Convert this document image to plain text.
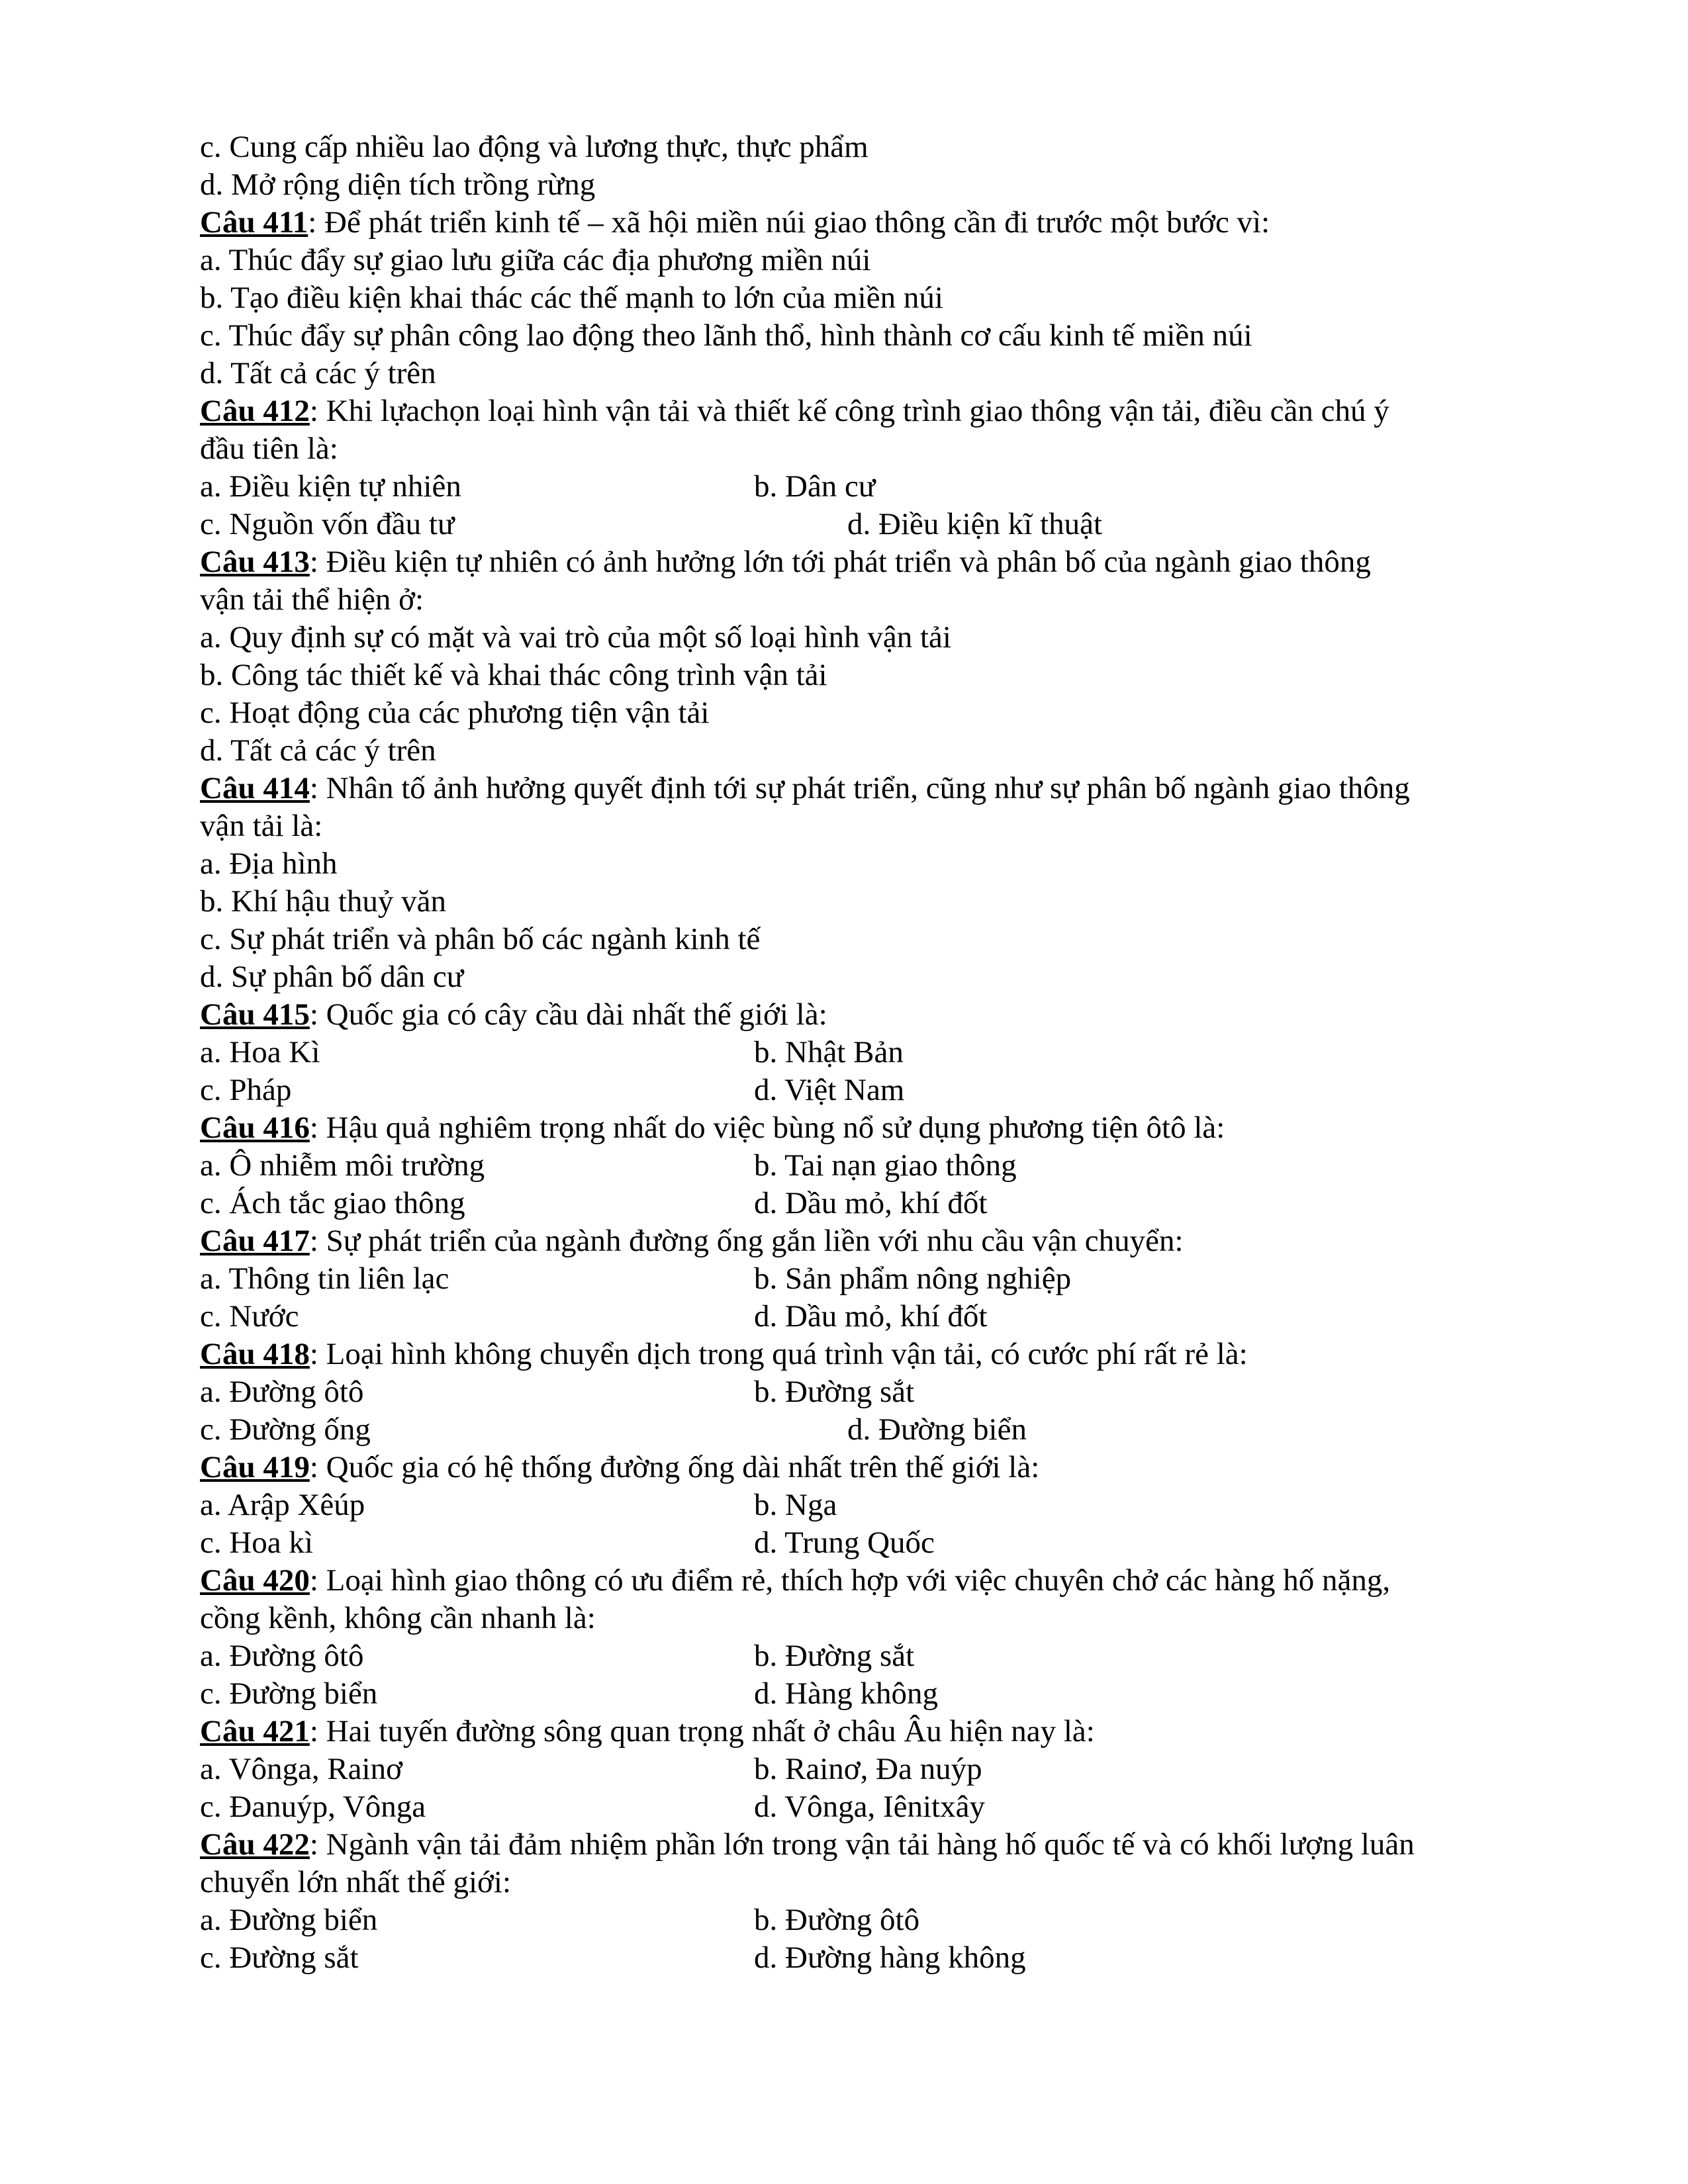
c. Cung cấp nhiều lao động và lương thực, thực phẩm
d. Mở rộng diện tích trồng rừng
Câu 411: Để phát triển kinh tế – xã hội miền núi giao thông cần đi trước một bước vì:
a. Thúc đẩy sự giao lưu giữa các địa phương miền núi
b. Tạo điều kiện khai thác các thế mạnh to lớn của miền núi
c. Thúc đẩy sự phân công lao động theo lãnh thổ, hình thành cơ cấu kinh tế miền núi
d. Tất cả các ý trên
Câu 412: Khi lựachọn loại hình vận tải và thiết kế công trình giao thông vận tải, điều cần chú ý
đầu tiên là:
a. Điều kiện tự nhiên	b. Dân cư
c. Nguồn vốn đầu tư	d. Điều kiện kĩ thuật
Câu 413: Điều kiện tự nhiên có ảnh hưởng lớn tới phát triển và phân bố của ngành giao thông
vận tải thể hiện ở:
a. Quy định sự có mặt và vai trò của một số loại hình vận tải
b. Công tác thiết kế và khai thác công trình vận tải
c. Hoạt động của các phương tiện vận tải
d. Tất cả các ý trên
Câu 414: Nhân tố ảnh hưởng quyết định tới sự phát triển, cũng như sự phân bố ngành giao thông
vận tải là:
a. Địa hình
b. Khí hậu thuỷ văn
c. Sự phát triển và phân bố các ngành kinh tế
d. Sự phân bố dân cư
Câu 415: Quốc gia có cây cầu dài nhất thế giới là:
a. Hoa Kì	b. Nhật Bản
c. Pháp	d. Việt Nam
Câu 416: Hậu quả nghiêm trọng nhất do việc bùng nổ sử dụng phương tiện ôtô là:
a. Ô nhiễm môi trường	b. Tai nạn giao thông
c. Ách tắc giao thông	d. Dầu mỏ, khí đốt
Câu 417: Sự phát triển của ngành đường ống gắn liền với nhu cầu vận chuyển:
a. Thông tin liên lạc	b. Sản phẩm nông nghiệp
c. Nước	d. Dầu mỏ, khí đốt
Câu 418: Loại hình không chuyển dịch trong quá trình vận tải, có cước phí rất rẻ là:
a. Đường ôtô	b. Đường sắt
c. Đường ống	d. Đường biển
Câu 419: Quốc gia có hệ thống đường ống dài nhất trên thế giới là:
a. Arập Xêúp	b. Nga
c. Hoa kì	d. Trung Quốc
Câu 420: Loại hình giao thông có ưu điểm rẻ, thích hợp với việc chuyên chở các hàng hố nặng,
cồng kềnh, không cần nhanh là:
a. Đường ôtô	b. Đường sắt
c. Đường biển	d. Hàng không
Câu 421: Hai tuyến đường sông quan trọng nhất ở châu Âu hiện nay là:
a. Vônga, Rainơ	b. Rainơ, Đa nuýp
c. Đanuýp, Vônga	d. Vônga, Iênitxây
Câu 422: Ngành vận tải đảm nhiệm phần lớn trong vận tải hàng hố quốc tế và có khối lượng luân
chuyển lớn nhất thế giới:
a. Đường biển	b. Đường ôtô
c. Đường sắt	d. Đường hàng không
